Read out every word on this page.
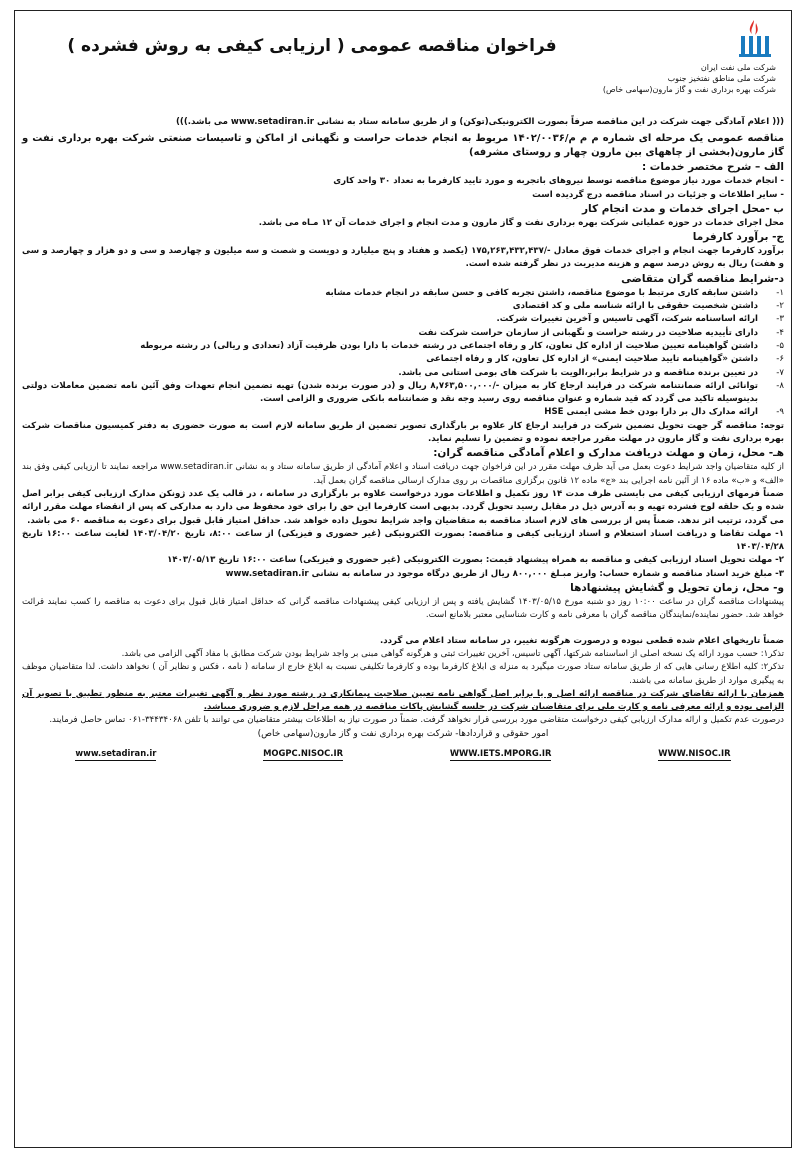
فراخوان مناقصه عمومی ( ارزیابی کیفی به روش فشرده )
شرکت ملی نفت ایران
شرکت ملی مناطق نفتخیز جنوب
شرکت بهره برداری نفت و گاز مارون(سهامی خاص)

((( اعلام آمادگی جهت شرکت در این مناقصه صرفاً بصورت الکترونیکی(توکن) و از طریق سامانه ستاد به نشانی www.setadiran.ir می باشد.)))

مناقصه عمومی یک مرحله ای شماره م م م/۱۴۰۲/۰۰۳۶ مربوط به انجام خدمات حراست و نگهبانی از اماکن و تاسیسات صنعتی شرکت بهره برداری نفت و گاز مارون(بخشی از چاههای بین مارون چهار و روستای مشرفه)

الف – شرح مختصر خدمات :

- انجام خدمات مورد نیاز موضوع مناقصه توسط نیروهای باتجربه و مورد تایید کارفرما به تعداد ۳۰ واحد کاری

- سایر اطلاعات و جزئیات در اسناد مناقصه درج گردیده است

ب -محل اجرای خدمات و مدت انجام کار

محل اجرای خدمات در حوزه عملیاتی شرکت بهره برداری نفت و گاز مارون و مدت انجام و اجرای خدمات آن ۱۲ مـاه می باشد.

ج- برآورد کارفرما

برآورد کارفرما جهت انجام و اجرای خدمات فوق معادل -/۱۷۵,۲۶۳,۴۳۲,۴۳۷ (یکصد و هفتاد و پنج میلیارد و دویست و شصت و سه میلیون و چهارصد و سی و دو هزار و چهارصد و سی و هفت) ریال به روش درصد سهم و هزینه مدیریت در نظر گرفته شده است.

د-شرایط مناقصه گران متقاضی

۱-
داشتن سابقه کاری مرتبط با موضوع مناقصه، داشتن تجربه کافی و حسن سابقه در انجام خدمات مشابه
۲-
داشتن شخصیت حقوقی با ارائه شناسه ملی و کد اقتصادی
۳-
ارائه اساسنامه شرکت، آگهی تاسیس و آخرین تغییرات شرکت.
۴-
دارای تأییدیه صلاحیت در رشته حراست و نگهبانی از سازمان حراست شرکت نفت
۵-
داشتن گواهینامه تعیین صلاحیت از اداره کل تعاون، کار و رفاه اجتماعی در رشته خدمات با دارا بودن ظرفیت آزاد (تعدادی و ریالی) در رشته مربوطه
۶-
داشتن «گواهینامه تایید صلاحیت ایمنی» از اداره کل تعاون، کار و رفاه اجتماعی
۷-
در تعیین برنده مناقصه و در شرایط برابر،الویت با شرکت های بومی استانی می باشد.
۸-
توانائی ارائه ضمانتنامه شرکت در فرایند ارجاع کار به میزان -/۸,۷۶۳,۵۰۰,۰۰۰ ریال و (در صورت برنده شدن) تهیه تضمین انجام تعهدات وفق آئین نامه تضمین معاملات دولتی بدینوسیله تاکید می گردد که قید شماره و عنوان مناقصه روی رسید وجه نقد و ضمانتنامه بانکی ضروری و الزامی است.
۹-
ارائه مدارک دال بر دارا بودن خط مشی ایمنی HSE

توجه: مناقصه گر جهت تحویل تضمین شرکت در فرایند ارجاع کار علاوه بر بارگذاری تصویر تضمین از طریق سامانه لازم است به صورت حضوری به دفتر کمیسیون مناقصات شرکت بهره برداری نفت و گاز مارون در مهلت مقرر مراجعه نموده و تضمین را تسلیم نماید.

هـ- محل، زمان و مهلت دریافت مدارک و اعلام آمادگی مناقصه گران:

از کلیه متقاضیان واجد شرایط دعوت بعمل می آید ظرف مهلت مقرر در این فراخوان جهت دریافت اسناد و اعلام آمادگی از طریق سامانه ستاد و به نشانی www.setadiran.ir مراجعه نمایند تا ارزیابی کیفی وفق بند «الف» و «ب» ماده ۱۶ از آئین نامه اجرایی بند «ج» ماده ۱۲ قانون برگزاری مناقصات بر روی مدارک ارسالی مناقصه گران بعمل آید.

ضمناً فرمهای ارزیابی کیفی می بایستی ظرف مدت ۱۴ روز تکمیل و اطلاعات مورد درخواست علاوه بر بارگزاری در سامانه ، در قالب یک عدد ژونکن مدارک ارزیابی کیفی برابر اصل شده و یک حلقه لوح فشرده تهیه و به آدرس ذیل در مقابل رسید تحویل گردد. بدیهی است کارفرما این حق را برای خود محفوظ می دارد به مدارکی که پس از انقضاء مهلت مقرر ارائه می گردد، ترتیب اثر ندهد. ضمناً پس از بررسی های لازم اسناد مناقصه به متقاضیان واجد شرایط تحویل داده خواهد شد. حداقل امتیاز قابل قبول برای دعوت به مناقصه ۶۰ می باشد.

۱- مهلت تقاضا و دریافت اسناد استعلام و اسناد ارزیابی کیفی و مناقصه: بصورت الکترونیکی (غیر حضوری و فیزیکی) از ساعت ۸:۰۰، تاریخ ۱۴۰۳/۰۴/۲۰ لغایت ساعت ۱۶:۰۰ تاریخ ۱۴۰۳/۰۴/۲۸

۲- مهلت تحویل اسناد ارزیابی کیفی و مناقصه به همراه پیشنهاد قیمت: بصورت الکترونیکی (غیر حضوری و فیزیکی) ساعت ۱۶:۰۰ تاریخ ۱۴۰۳/۰۵/۱۳

۳- مبلغ خرید اسناد مناقصه و شماره حساب: واریز مبـلغ ۸۰۰,۰۰۰ ریال از طریق درگاه موجود در سامانه به نشانی www.setadiran.ir

و- محل، زمان تحویل و گشایش پیشنهادها

پیشنهادات مناقصه گران در ساعت ۱۰:۰۰ روز دو شنبه مورخ ۱۴۰۳/۰۵/۱۵ گشایش یافته و پس از ارزیابی کیفی پیشنهادات مناقصه گرانی که حداقل امتیاز قابل قبول برای دعوت به مناقصه را کسب نمایند قرائت خواهد شد. حضور نماینده/نمایندگان مناقصه گران با معرفی نامه و کارت شناسایی معتبر بلامانع است.

ضمناً تاریخهای اعلام شده قطعی نبوده و درصورت هرگونه تغییر، در سامانه ستاد اعلام می گردد.

تذکر۱: حسب مورد ارائه یک نسخه اصلی از اساسنامه شرکتها، آگهی تاسیس، آخرین تغییرات ثبتی و هرگونه گواهی مبنی بر واجد شرایط بودن شرکت مطابق با مفاد آگهی الزامی می باشد.

تذکر۲: کلیه اطلاع رسانی هایی که از طریق سامانه ستاد صورت میگیرد به منزله ی ابلاغ کارفرما بوده و کارفرما تکلیفی نسبت به ابلاغ خارج از سامانه ( نامه ، فکس و نظایر آن ) نخواهد داشت. لذا متقاضیان موظف به پیگیری موارد از طریق سامانه می باشند.

همزمان با ارائه تقاضای شرکت در مناقصه ارائه اصل و یا برابر اصل گواهی نامه تعیین صلاحیت پیمانکاری در رشته مورد نظر و آگهی تغییرات معتبر به منظور تطبیق با تصویر آن الزامی بوده و ارائه معرفی نامه و کارت ملی برای متقاضیان شرکت در جلسه گشایش پاکات مناقصه در همه مراحل لازم و ضروری میباشد.

درصورت عدم تکمیل و ارائه مدارک ارزیابی کیفی درخواست متقاضی مورد بررسی قرار نخواهد گرفت. ضمناً در صورت نیاز به اطلاعات بیشتر متقاضیان می توانند با تلفن ۳۴۴۳۴۰۶۸-۰۶۱ تماس حاصل فرمایند.

امور حقوقی و قراردادها- شرکت بهره برداری نفت و گاز مارون(سهامی خاص)

www.setadiran.ir	MOGPC.NISOC.IR	WWW.IETS.MPORG.IR	WWW.NISOC.IR
